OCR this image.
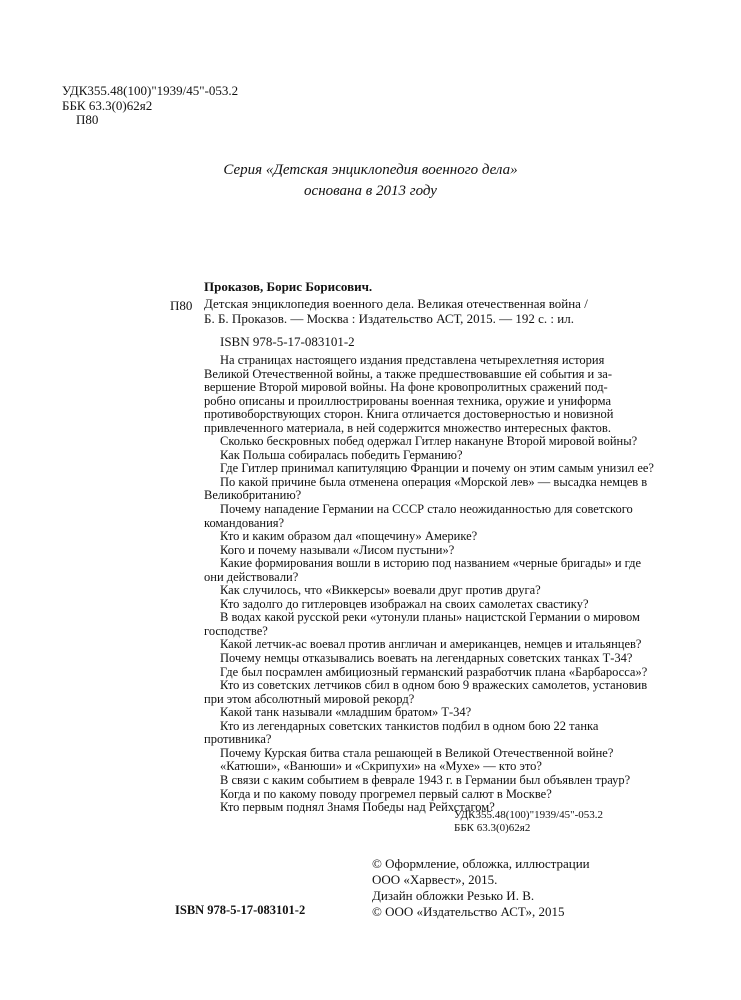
УДК355.48(100)"1939/45"-053.2
ББК 63.3(0)62я2
П80
Серия «Детская энциклопедия военного дела»
основана в 2013 году
Проказов, Борис Борисович.
П80 Детская энциклопедия военного дела. Великая отечественная война /
Б. Б. Проказов. — Москва : Издательство АСТ, 2015. — 192 с. : ил.
ISBN 978-5-17-083101-2
На страницах настоящего издания представлена четырехлетняя история
Великой Отечественной войны, а также предшествовавшие ей события и за-
вершение Второй мировой войны. На фоне кровопролитных сражений под-
робно описаны и проиллюстрированы военная техника, оружие и униформа
противоборствующих сторон. Книга отличается достоверностью и новизной
привлеченного материала, в ней содержится множество интересных фактов.
Сколько бескровных побед одержал Гитлер накануне Второй мировой войны?
Как Польша собиралась победить Германию?
Где Гитлер принимал капитуляцию Франции и почему он этим самым унизил ее?
По какой причине была отменена операция «Морской лев» — высадка немцев в
Великобританию?
Почему нападение Германии на СССР стало неожиданностью для советского
командования?
Кто и каким образом дал «пощечину» Америке?
Кого и почему называли «Лисом пустыни»?
Какие формирования вошли в историю под названием «черные бригады» и где
они действовали?
Как случилось, что «Виккерсы» воевали друг против друга?
Кто задолго до гитлеровцев изображал на своих самолетах свастику?
В водах какой русской реки «утонули планы» нацистской Германии о мировом
господстве?
Какой летчик-ас воевал против англичан и американцев, немцев и итальянцев?
Почему немцы отказывались воевать на легендарных советских танках Т-34?
Где был посрамлен амбициозный германский разработчик плана «Барбаросса»?
Кто из советских летчиков сбил в одном бою 9 вражеских самолетов, установив
при этом абсолютный мировой рекорд?
Какой танк называли «младшим братом» Т-34?
Кто из легендарных советских танкистов подбил в одном бою 22 танка
противника?
Почему Курская битва стала решающей в Великой Отечественной войне?
«Катюши», «Ванюши» и «Скрипухи» на «Мухе» — кто это?
В связи с каким событием в феврале 1943 г. в Германии был объявлен траур?
Когда и по какому поводу прогремел первый салют в Москве?
Кто первым поднял Знамя Победы над Рейхстагом?
УДК355.48(100)"1939/45"-053.2
ББК 63.3(0)62я2
ISBN 978-5-17-083101-2
© Оформление, обложка, иллюстрации
ООО «Харвест», 2015.
Дизайн обложки Резько И. В.
© ООО «Издательство АСТ», 2015
